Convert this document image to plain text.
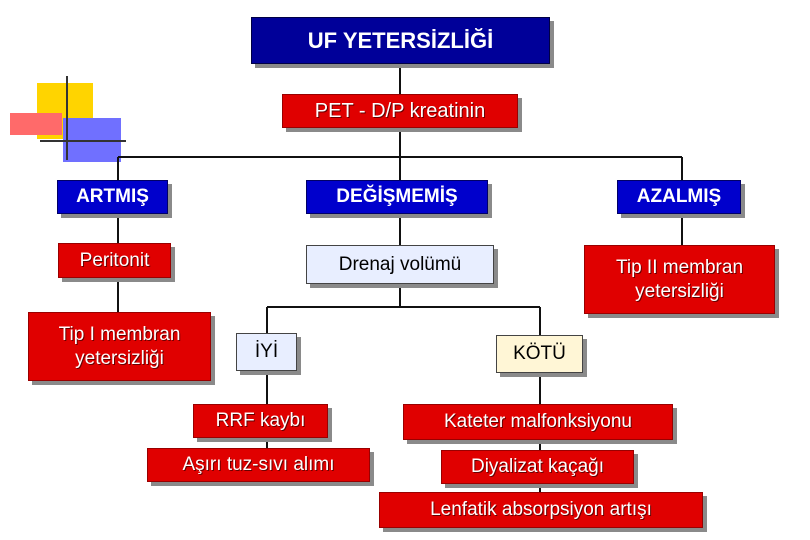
UF YETERSİZLİĞİ
PET - D/P kreatinin
ARTMIŞ	DEĞİŞMEMİŞ	AZALMIŞ
Peritonit	Drenaj volümü	Tip II membran yetersizliği
Tip I membran yetersizliği	İYİ	KÖTÜ
RRF kaybı
Aşırı tuz-sıvı alımı
Kateter malfonksiyonu
Diyalizat kaçağı
Lenfatik absorpsiyon artışı
